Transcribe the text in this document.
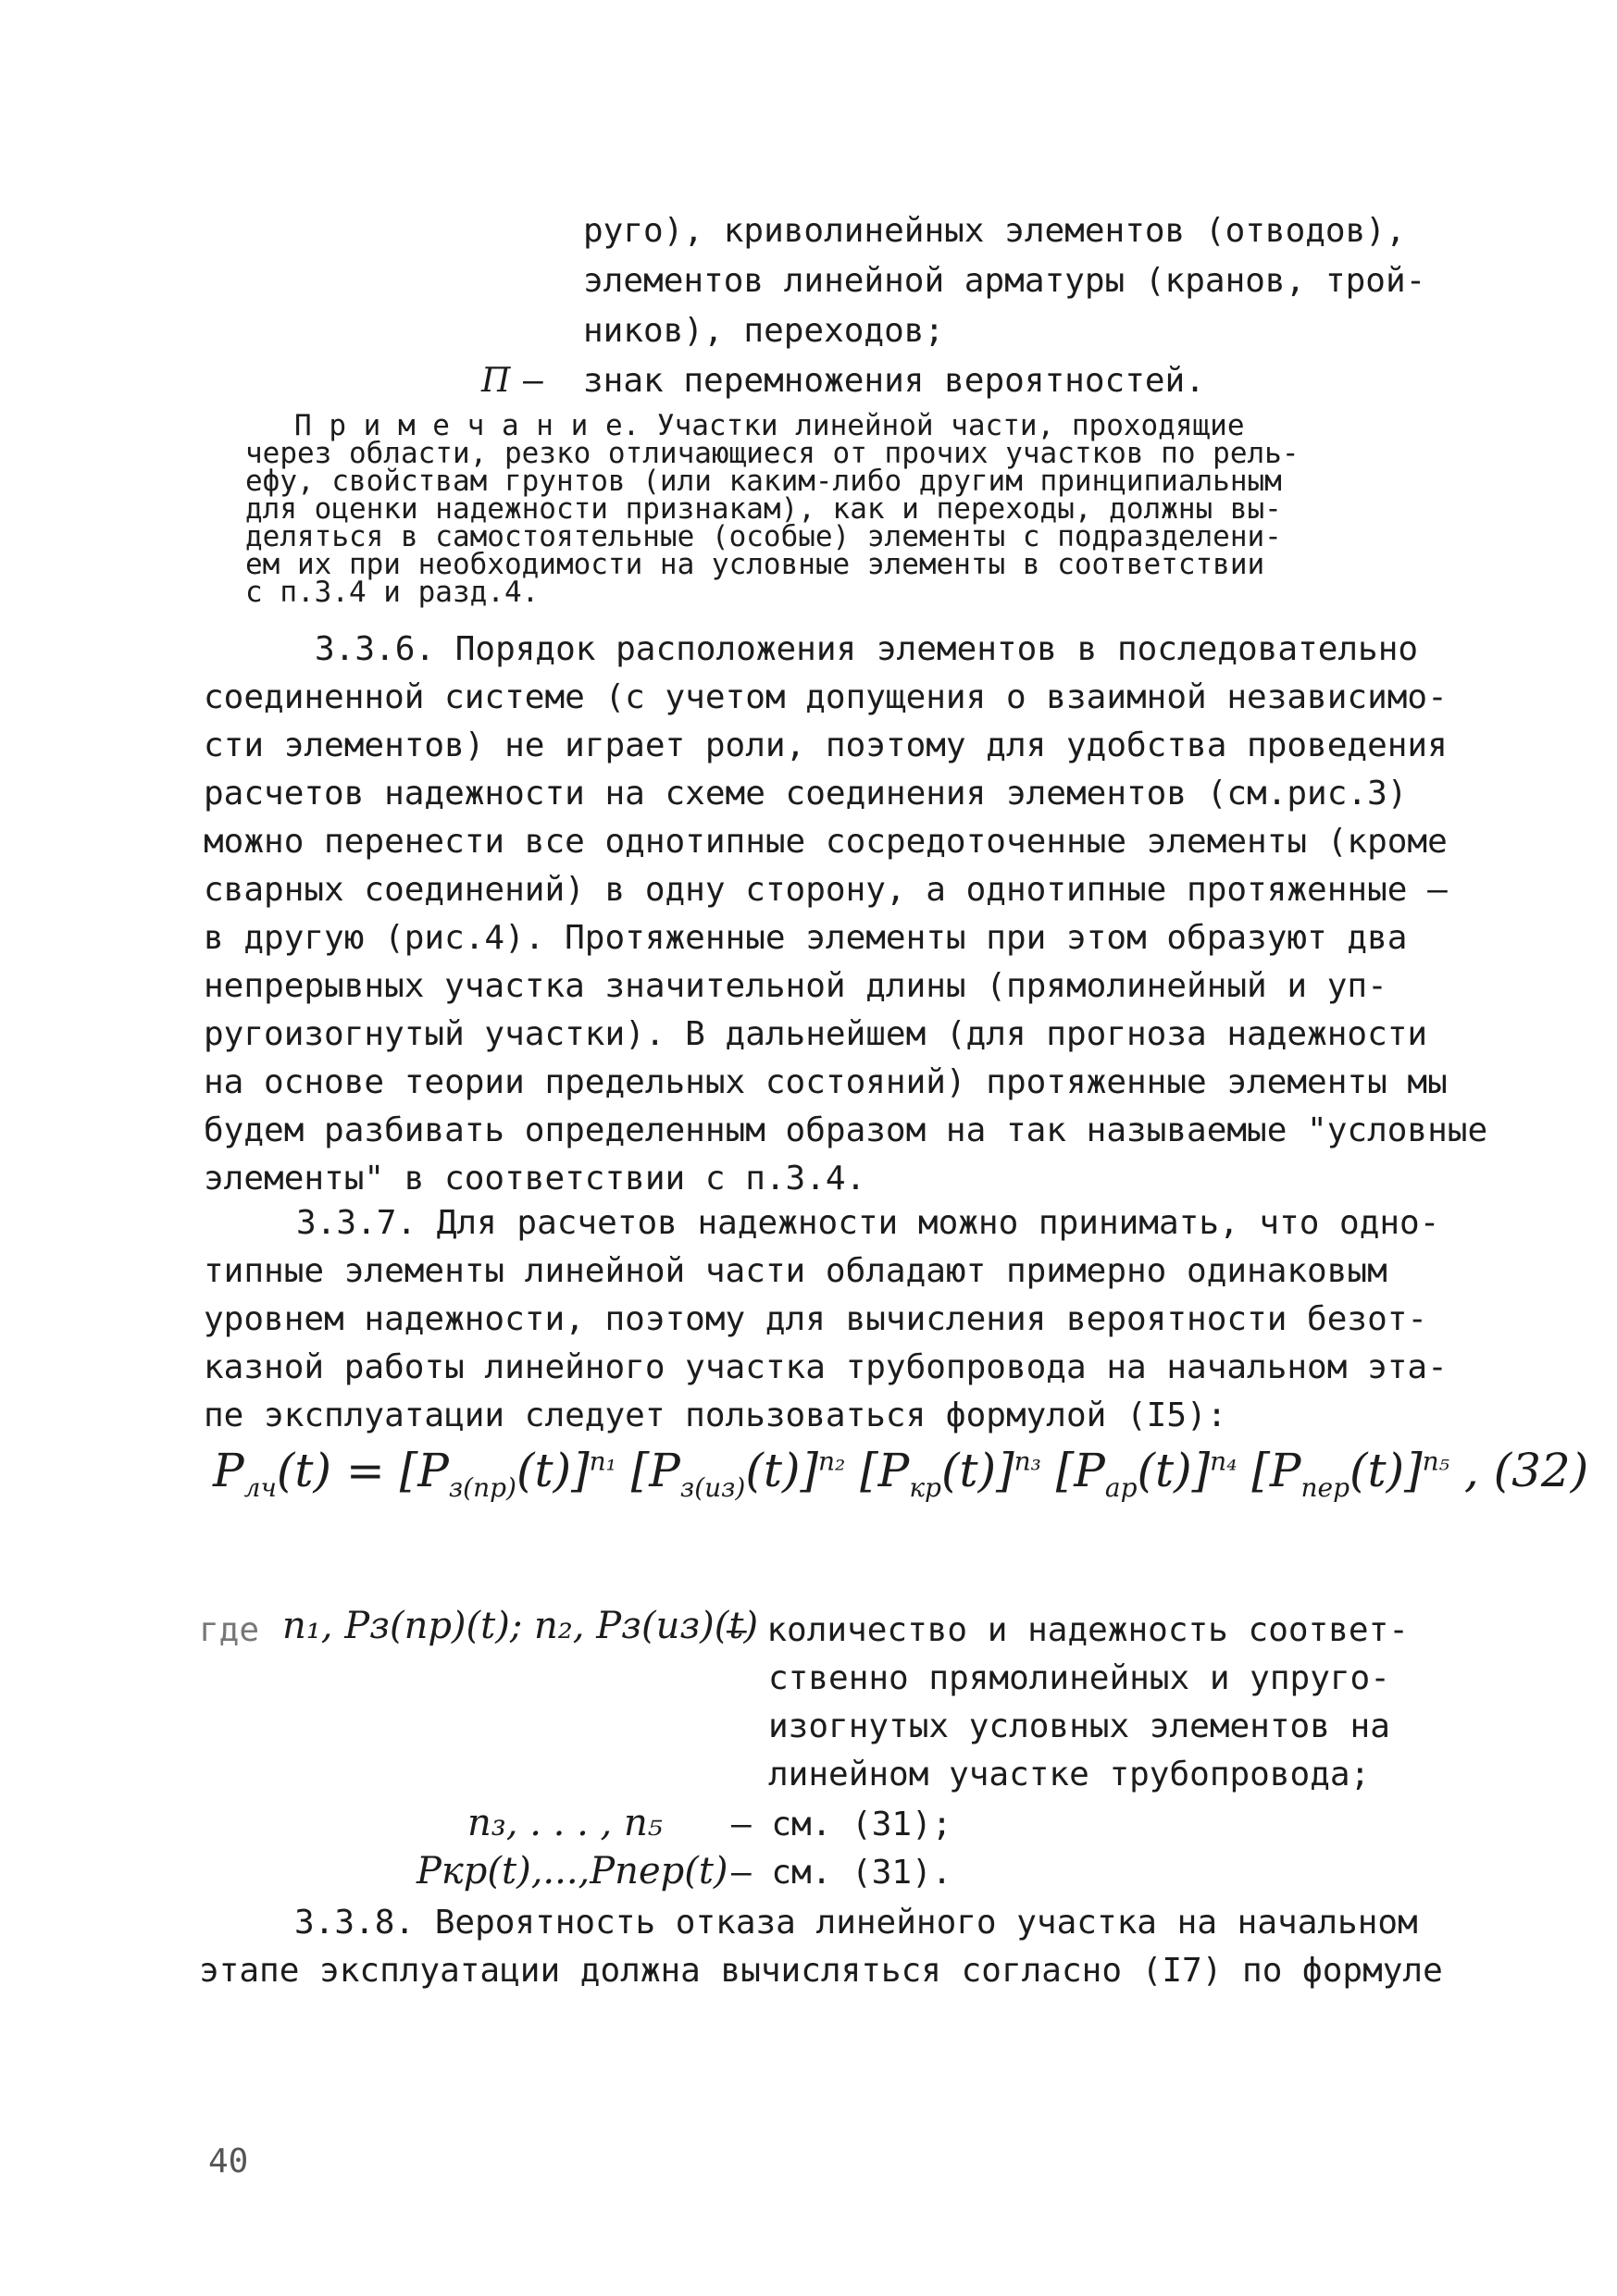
руго), криволинейных элементов (отводов),
элементов линейной арматуры (кранов, трой-
ников), переходов;
П – знак перемножения вероятностей.
П р и м е ч а н и е. Участки линейной части, проходящие
через области, резко отличающиеся от прочих участков по рель-
ефу, свойствам грунтов (или каким-либо другим принципиальным
для оценки надежности признакам), как и переходы, должны вы-
деляться в самостоятельные (особые) элементы с подразделени-
ем их при необходимости на условные элементы в соответствии
с п.3.4 и разд.4.
3.3.6. Порядок расположения элементов в последовательно
соединенной системе (с учетом допущения о взаимной независимо-
сти элементов) не играет роли, поэтому для удобства проведения
расчетов надежности на схеме соединения элементов (см.рис.3)
можно перенести все однотипные сосредоточенные элементы (кроме
сварных соединений) в одну сторону, а однотипные протяженные –
в другую (рис.4). Протяженные элементы при этом образуют два
непрерывных участка значительной длины (прямолинейный и уп-
ругоизогнутый участки). В дальнейшем (для прогноза надежности
на основе теории предельных состояний) протяженные элементы мы
будем разбивать определенным образом на так называемые "условные
элементы" в соответствии с п.3.4.
3.3.7. Для расчетов надежности можно принимать, что одно-
типные элементы линейной части обладают примерно одинаковым
уровнем надежности, поэтому для вычисления вероятности безот-
казной работы линейного участка трубопровода на начальном эта-
пе эксплуатации следует пользоваться формулой (I5):
$P_{лч}(t) = [P_{з(пр)}(t)]^{n_1}$ $[P_{з(из)}(t)]^{n_2}$ $[P_{кр}(t)]^{n_3}$ $[P_{ар}(t)]^{n_4}$ $[P_{пер}(t)]^{n_5}$ , (32)
где n₁, Pз(пр)(t); n₂, Pз(из)(t)
– количество и надежность соответ-
ственно прямолинейных и упруго-
изогнутых условных элементов на
линейном участке трубопровода;
n₃, . . . , n₅ – см. (31);
Pкр(t),...,Pпер(t) – см. (31).
3.3.8. Вероятность отказа линейного участка на начальном
этапе эксплуатации должна вычисляться согласно (I7) по формуле
40
